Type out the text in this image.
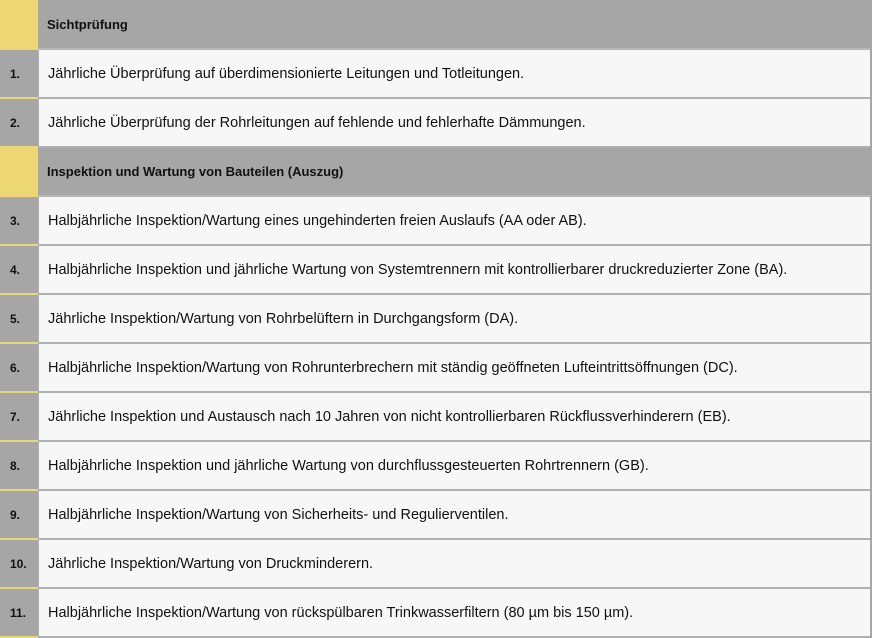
Sichtprüfung
1.	Jährliche Überprüfung auf überdimensionierte Leitungen und Totleitungen.
2.	Jährliche Überprüfung der Rohrleitungen auf fehlende und fehlerhafte Dämmungen.
Inspektion und Wartung von Bauteilen (Auszug)
3.	Halbjährliche Inspektion/Wartung eines ungehinderten freien Auslaufs (AA oder AB).
4.	Halbjährliche Inspektion und jährliche Wartung von Systemtrennern mit kontrollierbarer druckreduzierter Zone (BA).
5.	Jährliche Inspektion/Wartung von Rohrbelüftern in Durchgangsform (DA).
6.	Halbjährliche Inspektion/Wartung von Rohrunterbrechern mit ständig geöffneten Lufteintrittsöffnungen (DC).
7.	Jährliche Inspektion und Austausch nach 10 Jahren von nicht kontrollierbaren Rückflussverhinderern (EB).
8.	Halbjährliche Inspektion und jährliche Wartung von durchflussgesteuerten Rohrtrennern (GB).
9.	Halbjährliche Inspektion/Wartung von Sicherheits- und Regulierventilen.
10.	Jährliche Inspektion/Wartung von Druckminderern.
11.	Halbjährliche Inspektion/Wartung von rückspülbaren Trinkwasserfiltern (80 µm bis 150 µm).
